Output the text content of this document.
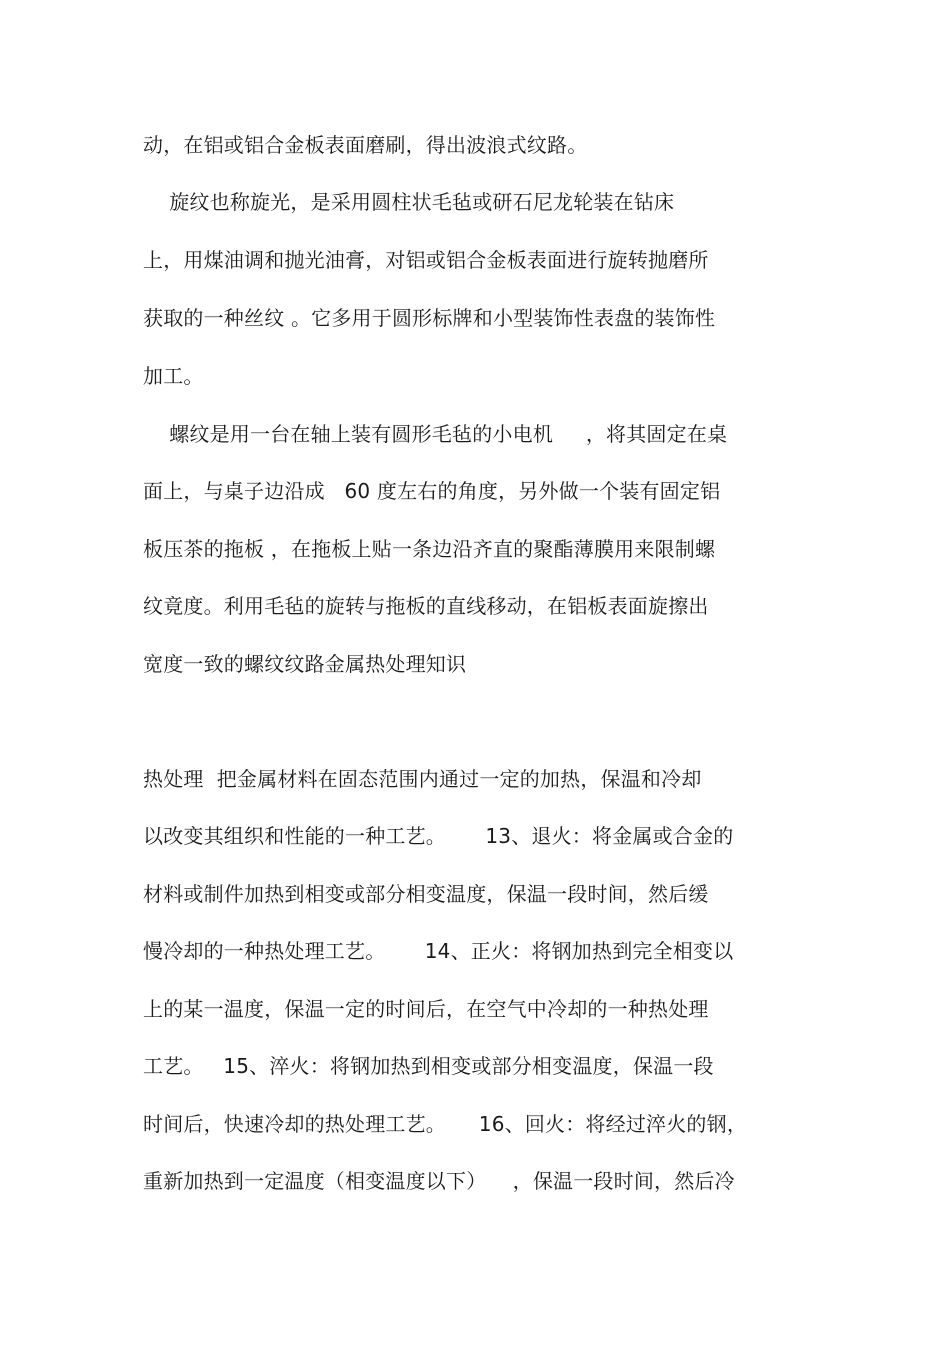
动，在铝或铝合金板表面磨刷，得出波浪式纹路。
旋纹也称旋光，是采用圆柱状毛毡或研石尼龙轮装在钻床
上，用煤油调和抛光油膏，对铝或铝合金板表面进行旋转抛磨所
获取的一种丝纹 。它多用于圆形标牌和小型装饰性表盘的装饰性
加工。
螺纹是用一台在轴上装有圆形毛毡的小电机     ，将其固定在桌
面上，与桌子边沿成   60 度左右的角度，另外做一个装有固定铝
板压茶的拖板 ，在拖板上贴一条边沿齐直的聚酯薄膜用来限制螺
纹竟度。利用毛毡的旋转与拖板的直线移动，在铝板表面旋擦出
宽度一致的螺纹纹路金属热处理知识
热处理  把金属材料在固态范围内通过一定的加热，保温和冷却
以改变其组织和性能的一种工艺。      13、退火：将金属或合金的
材料或制件加热到相变或部分相变温度，保温一段时间，然后缓
慢冷却的一种热处理工艺。      14、正火：将钢加热到完全相变以
上的某一温度，保温一定的时间后，在空气中冷却的一种热处理
工艺。   15、淬火：将钢加热到相变或部分相变温度，保温一段
时间后，快速冷却的热处理工艺。     16、回火：将经过淬火的钢，
重新加热到一定温度（相变温度以下）    ，保温一段时间，然后冷
